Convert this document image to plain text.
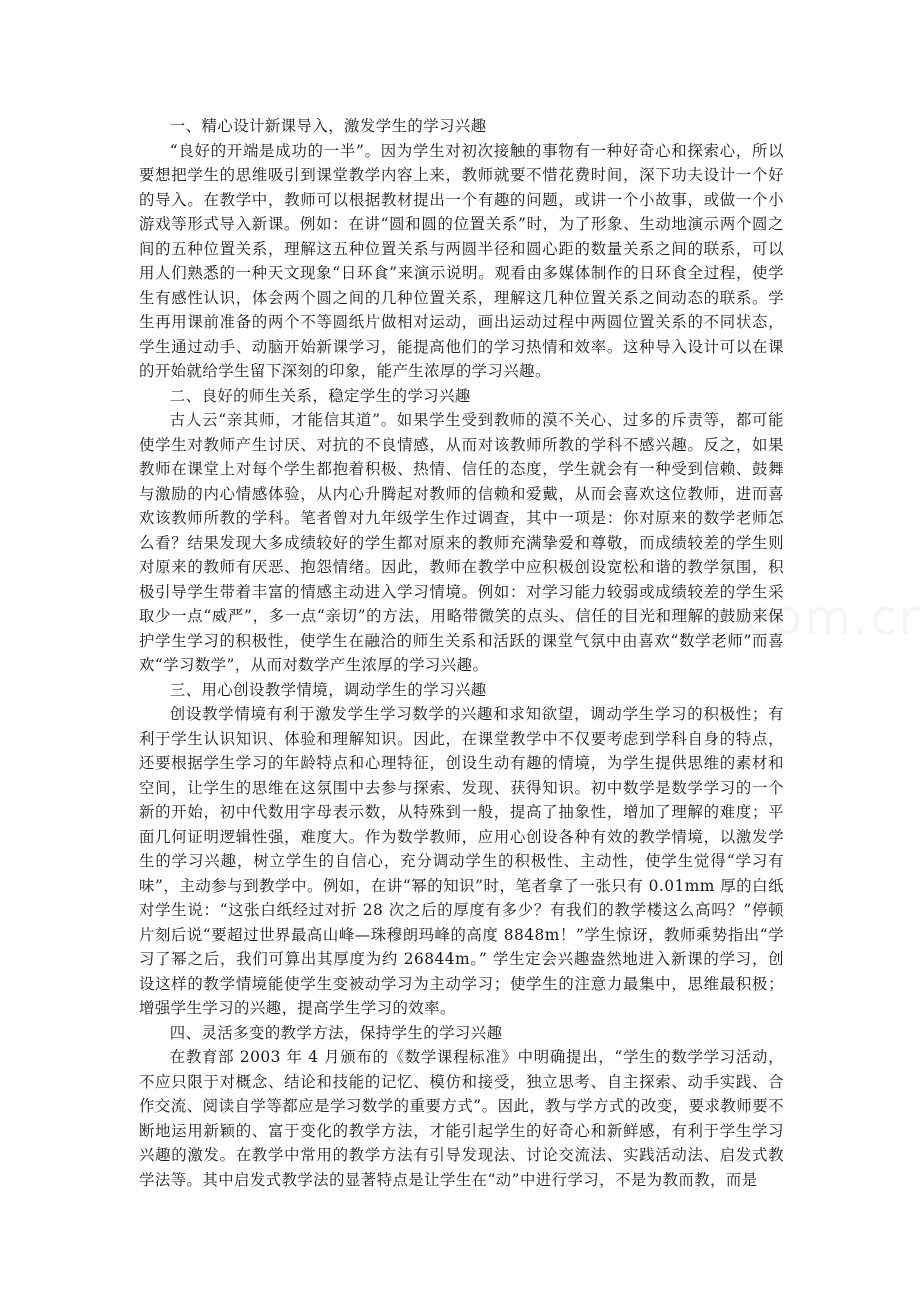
一、精心设计新课导入，激发学生的学习兴趣

“良好的开端是成功的一半”。因为学生对初次接触的事物有一种好奇心和探索心，所以要想把学生的思维吸引到课堂教学内容上来，教师就要不惜花费时间，深下功夫设计一个好的导入。在教学中，教师可以根据教材提出一个有趣的问题，或讲一个小故事，或做一个小游戏等形式导入新课。例如：在讲“圆和圆的位置关系”时，为了形象、生动地演示两个圆之间的五种位置关系，理解这五种位置关系与两圆半径和圆心距的数量关系之间的联系，可以用人们熟悉的一种天文现象“日环食”来演示说明。观看由多媒体制作的日环食全过程，使学生有感性认识，体会两个圆之间的几种位置关系，理解这几种位置关系之间动态的联系。学生再用课前准备的两个不等圆纸片做相对运动，画出运动过程中两圆位置关系的不同状态，学生通过动手、动脑开始新课学习，能提高他们的学习热情和效率。这种导入设计可以在课的开始就给学生留下深刻的印象，能产生浓厚的学习兴趣。

二、良好的师生关系，稳定学生的学习兴趣

古人云“亲其师，才能信其道”。如果学生受到教师的漠不关心、过多的斥责等，都可能使学生对教师产生讨厌、对抗的不良情感，从而对该教师所教的学科不感兴趣。反之，如果教师在课堂上对每个学生都抱着积极、热情、信任的态度，学生就会有一种受到信赖、鼓舞与激励的内心情感体验，从内心升腾起对教师的信赖和爱戴，从而会喜欢这位教师，进而喜欢该教师所教的学科。笔者曾对九年级学生作过调查，其中一项是：你对原来的数学老师怎么看？结果发现大多成绩较好的学生都对原来的教师充满挚爱和尊敬，而成绩较差的学生则对原来的教师有厌恶、抱怨情绪。因此，教师在教学中应积极创设宽松和谐的教学氛围，积极引导学生带着丰富的情感主动进入学习情境。例如：对学习能力较弱或成绩较差的学生采取少一点“威严”，多一点“亲切”的方法，用略带微笑的点头、信任的目光和理解的鼓励来保护学生学习的积极性，使学生在融洽的师生关系和活跃的课堂气氛中由喜欢“数学老师”而喜欢“学习数学”，从而对数学产生浓厚的学习兴趣。

三、用心创设教学情境，调动学生的学习兴趣

创设教学情境有利于激发学生学习数学的兴趣和求知欲望，调动学生学习的积极性；有利于学生认识知识、体验和理解知识。因此，在课堂教学中不仅要考虑到学科自身的特点，还要根据学生学习的年龄特点和心理特征，创设生动有趣的情境，为学生提供思维的素材和空间，让学生的思维在这氛围中去参与探索、发现、获得知识。初中数学是数学学习的一个新的开始，初中代数用字母表示数，从特殊到一般，提高了抽象性，增加了理解的难度；平面几何证明逻辑性强，难度大。作为数学教师，应用心创设各种有效的教学情境，以激发学生的学习兴趣，树立学生的自信心，充分调动学生的积极性、主动性，使学生觉得“学习有味”，主动参与到教学中。例如，在讲“幂的知识”时，笔者拿了一张只有 0.01mm 厚的白纸对学生说：“这张白纸经过对折 28 次之后的厚度有多少？有我们的教学楼这么高吗？”停顿片刻后说“要超过世界最高山峰—珠穆朗玛峰的高度 8848m！”学生惊讶，教师乘势指出“学习了幂之后，我们可算出其厚度为约 26844m。” 学生定会兴趣盎然地进入新课的学习，创设这样的教学情境能使学生变被动学习为主动学习；使学生的注意力最集中，思维最积极；增强学生学习的兴趣，提高学生学习的效率。

四、灵活多变的教学方法，保持学生的学习兴趣

在教育部 2003 年 4 月颁布的《数学课程标准》中明确提出，“学生的数学学习活动，不应只限于对概念、结论和技能的记忆、模仿和接受，独立思考、自主探索、动手实践、合作交流、阅读自学等都应是学习数学的重要方式”。因此，教与学方式的改变，要求教师要不断地运用新颖的、富于变化的教学方法，才能引起学生的好奇心和新鲜感，有利于学生学习兴趣的激发。在教学中常用的教学方法有引导发现法、讨论交流法、实践活动法、启发式教学法等。其中启发式教学法的显著特点是让学生在“动”中进行学习，不是为教而教，而是
